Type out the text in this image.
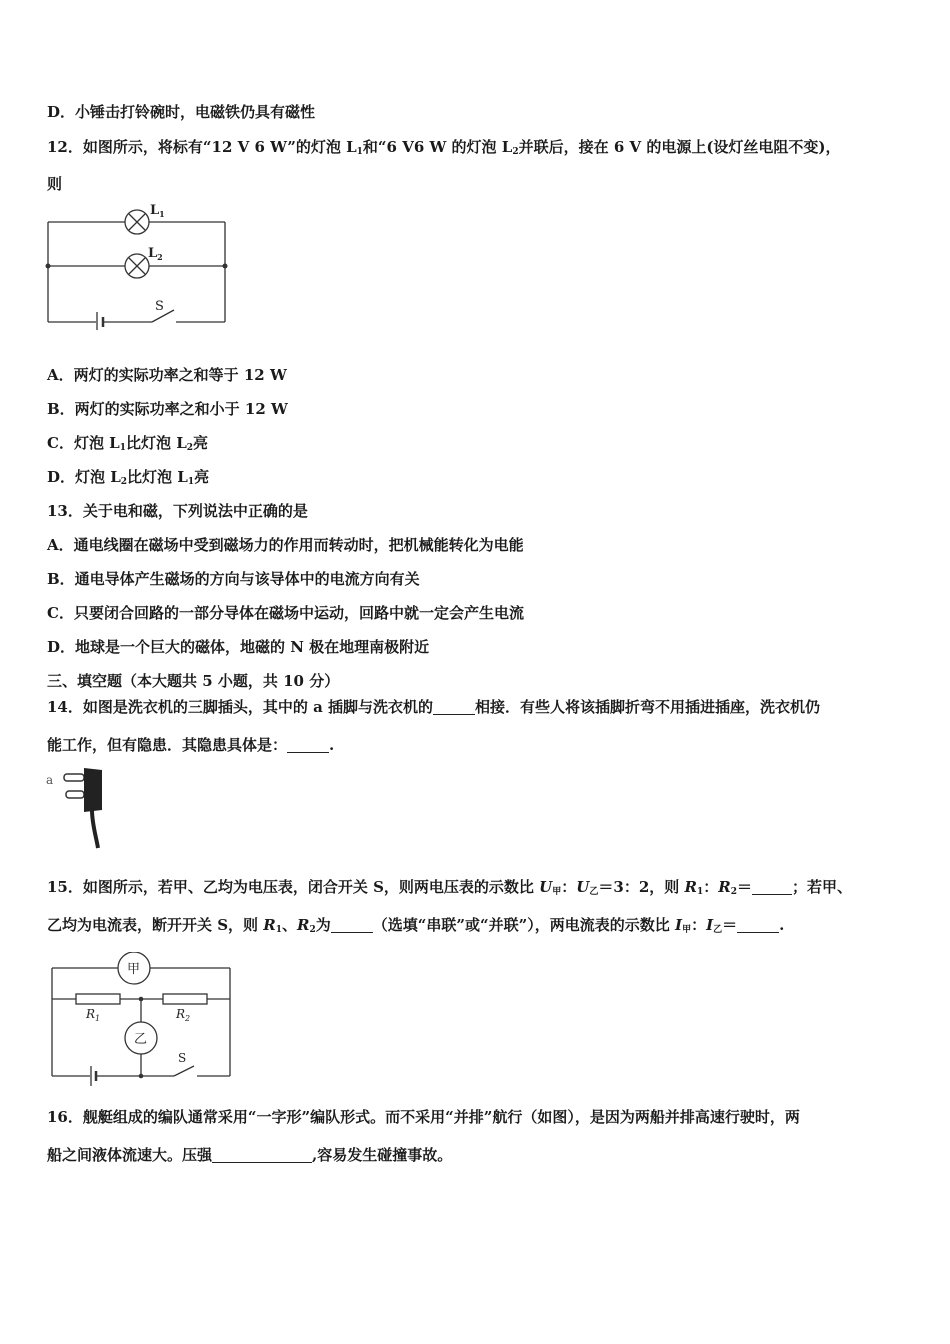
D．小锤击打铃碗时，电磁铁仍具有磁性
12．如图所示，将标有“12 V 6 W”的灯泡 $L_1$和“6 V6 W 的灯泡 $L_2$并联后，接在 6 V 的电源上(设灯丝电阻不变)，
则
$L_1$
$L_2$
S
A．两灯的实际功率之和等于 12 W
B．两灯的实际功率之和小于 12 W
C．灯泡 $L_1$比灯泡 $L_2$亮
D．灯泡 $L_2$比灯泡 $L_1$亮
13．关于电和磁，下列说法中正确的是
A．通电线圈在磁场中受到磁场力的作用而转动时，把机械能转化为电能
B．通电导体产生磁场的方向与该导体中的电流方向有关
C．只要闭合回路的一部分导体在磁场中运动，回路中就一定会产生电流
D．地球是一个巨大的磁体，地磁的 N 极在地理南极附近
三、填空题（本大题共 5 小题，共 10 分）
14．如图是洗衣机的三脚插头，其中的 a 插脚与洗衣机的	相接．有些人将该插脚折弯不用插进插座，洗衣机仍
能工作，但有隐患．其隐患具体是：	.
a
15．如图所示，若甲、乙均为电压表，闭合开关 S，则两电压表的示数比 $U_甲$：$U_乙=3$：2，则 $R_1$：$R_2=$	；若甲、
乙均为电流表，断开开关 S，则 $R_1$、$R_2$为	（选填“串联”或“并联”），两电流表的示数比 $I_甲$：$I_乙=$	.
甲
乙
$R_1$	$R_2$
S
16．舰艇组成的编队通常采用“一字形”编队形式。而不采用“并排”航行（如图），是因为两船并排高速行驶时，两
船之间液体流速大。压强	,容易发生碰撞事故。
